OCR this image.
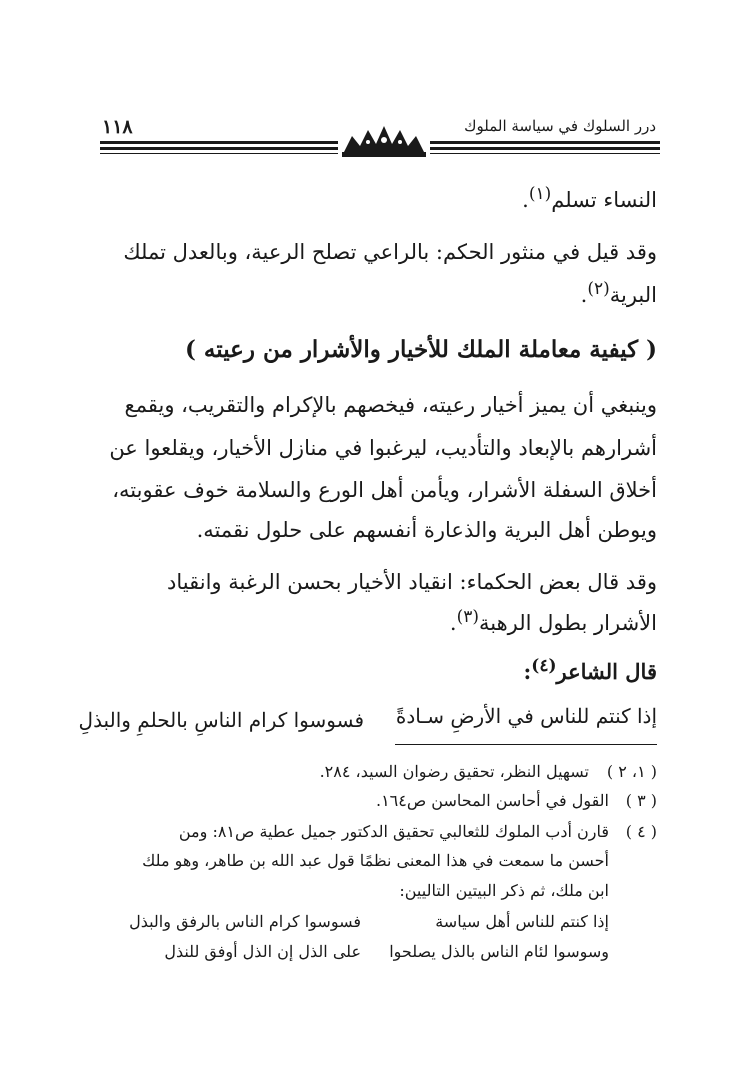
١١٨	درر السلوك في سياسة الملوك
النساء تسلم$^{(١)}$.
وقد قيل في منثور الحكم: بالراعي تصلح الرعية، وبالعدل تملك
البرية$^{(٢)}$.
( كيفية معاملة الملك للأخيار والأشرار من رعيته )
وينبغي أن يميز أخيار رعيته، فيخصهم بالإكرام والتقريب، ويقمع
أشرارهم بالإبعاد والتأديب، ليرغبوا في منازل الأخيار، ويقلعوا عن
أخلاق السفلة الأشرار، ويأمن أهل الورع والسلامة خوف عقوبته،
ويوطن أهل البرية والذعارة أنفسهم على حلول نقمته.
وقد قال بعض الحكماء: انقياد الأخيار بحسن الرغبة وانقياد
الأشرار بطول الرهبة$^{(٣)}$.
قال الشاعر$^{(٤)}$:
إذا كنتم للناس في الأرضِ سـادةً
فسوسوا كرام الناسِ بالحلمِ والبذلِ
( ١، ٢ )
تسهيل النظر، تحقيق رضوان السيد، ٢٨٤.
( ٣ )
القول في أحاسن المحاسن ص١٦٤.
( ٤ )
قارن أدب الملوك للثعالبي تحقيق الدكتور جميل عطية ص٨١: ومن
أحسن ما سمعت في هذا المعنى نظمًا قول عبد الله بن طاهر، وهو ملك
ابن ملك، ثم ذكر البيتين التاليين:
إذا كنتم للناس أهل سياسة
فسوسوا كرام الناس بالرفق والبذل
وسوسوا لئام الناس بالذل يصلحوا
على الذل إن الذل أوفق للنذل
